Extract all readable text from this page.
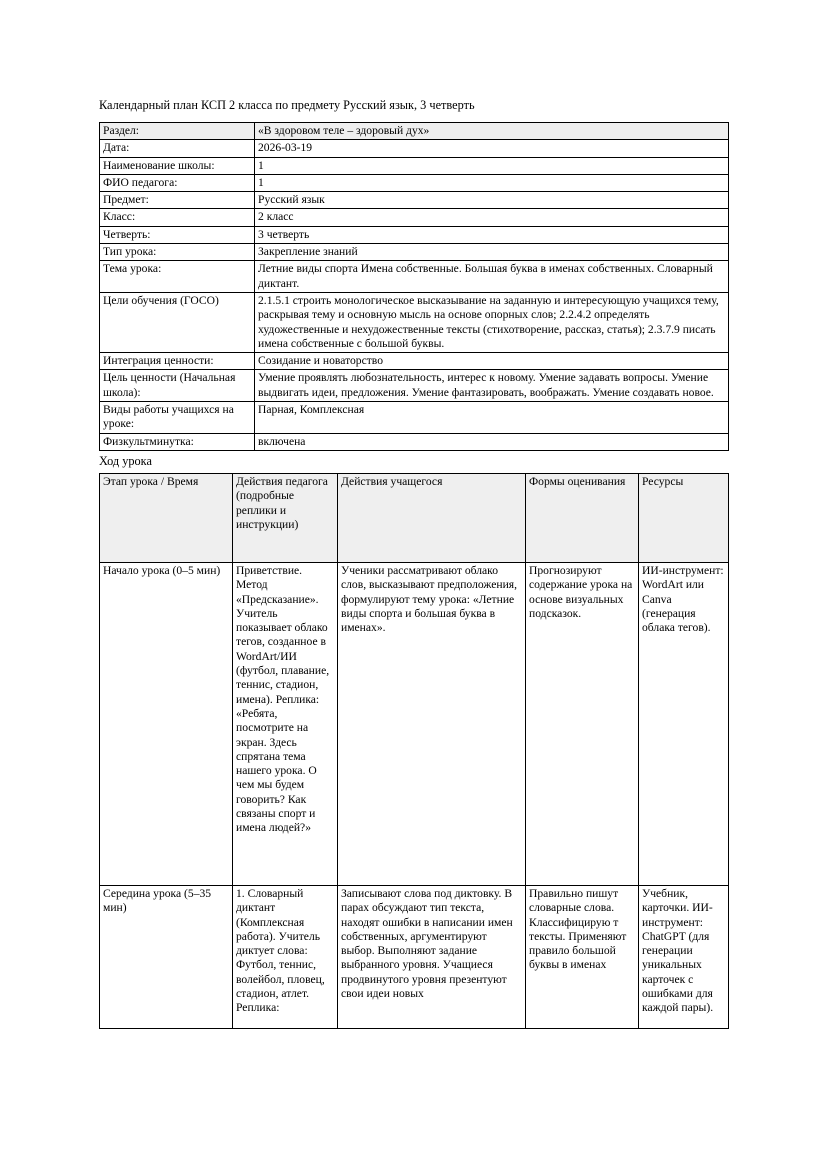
Календарный план КСП 2 класса по предмету Русский язык, 3 четверть

Раздел:	«В здоровом теле – здоровый дух»
Дата:	2026-03-19
Наименование школы:	1
ФИО педагога:	1
Предмет:	Русский язык
Класс:	2 класс
Четверть:	3 четверть
Тип урока:	Закрепление знаний
Тема урока:	Летние виды спорта Имена собственные. Большая буква в именах собственных. Словарный диктант.
Цели обучения (ГОСО)	2.1.5.1 строить монологическое высказывание на заданную и интересующую учащихся тему, раскрывая тему и основную мысль на основе опорных слов; 2.2.4.2 определять художественные и нехудожественные тексты (стихотворение, рассказ, статья); 2.3.7.9 писать имена собственные с большой буквы.
Интеграция ценности:	Созидание и новаторство
Цель ценности (Начальная школа):	Умение проявлять любознательность, интерес к новому. Умение задавать вопросы. Умение выдвигать идеи, предложения. Умение фантазировать, воображать. Умение создавать новое.
Виды работы учащихся на уроке:	Парная, Комплексная
Физкультминутка:	включена

Ход урока

Этап урока / Время	Действия педагога (подробные реплики и инструкции)	Действия учащегося	Формы оценивания	Ресурсы
Начало урока (0–5 мин)	Приветствие. Метод «Предсказание». Учитель показывает облако тегов, созданное в WordArt/ИИ (футбол, плавание, теннис, стадион, имена). Реплика: «Ребята, посмотрите на экран. Здесь спрятана тема нашего урока. О чем мы будем говорить? Как связаны спорт и имена людей?»	Ученики рассматривают облако слов, высказывают предположения, формулируют тему урока: «Летние виды спорта и большая буква в именах».	Прогнозируют содержание урока на основе визуальных подсказок.	ИИ-инструмент: WordArt или Canva (генерация облака тегов).
Середина урока (5–35 мин)	1. Словарный диктант (Комплексная работа). Учитель диктует слова: Футбол, теннис, волейбол, пловец, стадион, атлет. Реплика:	Записывают слова под диктовку. В парах обсуждают тип текста, находят ошибки в написании имен собственных, аргументируют выбор. Выполняют задание выбранного уровня. Учащиеся продвинутого уровня презентуют свои идеи новых	Правильно пишут словарные слова. Классифицирую т тексты. Применяют правило большой буквы в именах	Учебник, карточки. ИИ-инструмент: ChatGPT (для генерации уникальных карточек с ошибками для каждой пары).
